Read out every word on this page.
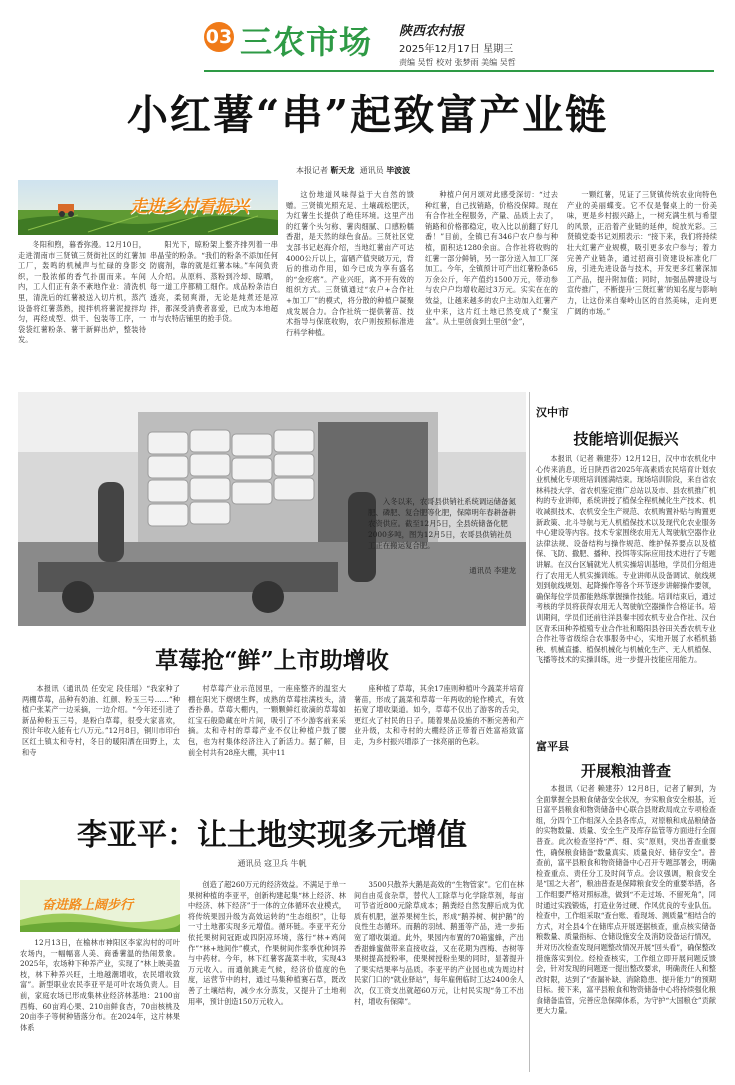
03 三农市场 陕西农村报
2025年12月17日 星期三
责编 吴哲 校对 张梦雨 美编 吴哲
小红薯“串”起致富产业链
本报记者 靳天龙 通讯员 毕波波
走进乡村看振兴

冬阳和煦，暮香弥漫。12月10日，走进渭南市三贤镇三贤街社区的红薯加工厂，轰鸣的机械声与忙碌的身影交织，一股浓郁的香气扑面而来。车间内，工人们正有条不紊地作业：清洗机里，清洗后的红薯被送入切片机，蒸汽设备将红薯蒸熟，搅拌机将薯泥搅拌均匀，再经成型、烘干、包装等工序，一袋袋红薯粉条、薯干新鲜出炉，整装待发。

阳光下，晾粉架上整齐排列着一串串晶莹的粉条。“我们的粉条不添加任何防腐剂，靠的就是红薯本味。”车间负责人介绍。从原料、蒸粉到冷却、晾晒，每一道工序都精工细作。成品粉条洁白透亮，柔韧爽滑，无论是炖煮还是凉拌，都深受消费者喜爱，已成为本地超市与农特店铺里的抢手货。

这份地道风味得益于大自然的馈赠。三贤镇光照充足、土壤疏松肥沃，为红薯生长提供了绝佳环境。这里产出的红薯个头匀称、薯肉细腻、口感粉糯香甜，是天然的绿色食品。三贤社区党支部书记赵海介绍，当地红薯亩产可达4000公斤以上，富硒产值突破万元，背后的推动作用，如今已成为享有盛名的“金疙瘩”。产业兴旺，离不开有效的组织方式。三贤镇通过“农户+合作社+加工厂”的模式，将分散的种植户凝聚成发展合力。合作社统一提供薯苗、技术指导与保底收购，农户则按照标准进行科学种植。

种植户何月颂对此感受深切：“过去种红薯，自己找销路，价格没保障。现在有合作社全程服务，产量、品质上去了，销路和价格都稳定，收入比以前翻了好几番！”目前，全镇已有346户农户参与种植，面积达1280余亩。合作社将收购的红薯一部分鲜销，另一部分送入加工厂深加工。今年，全镇预计可产出红薯粉条65万余公斤，年产值约1500万元，带动参与农户户均增收超过3万元。实实在在的效益，让越来越多的农户主动加入红薯产业中来，这片红土地已然变成了“聚宝盆”。从土里创食到土里创“金”，

一颗红薯，见证了三贤镇传统农业向特色产业的美丽蝶变。它不仅是餐桌上的一份美味，更是乡村振兴路上，一树充满生机与希望的风景，正沿着产业链的延伸，绽放光彩。三贤镇党委书记刘照表示：“接下来，我们将持续壮大红薯产业规模，吸引更多农户参与；着力完善产业链条，通过招商引资建设标准化厂房，引进先进设备与技术，开发更多红薯深加工产品，提升附加值；同时，加强品牌建设与宣传推广，不断提升‘三贤红薯’的知名度与影响力，让这份来自秦岭山区的自然美味，走向更广阔的市场。”

入冬以来，农哥县供销社系统调运储备氮肥、磷肥、复合肥等化肥，保障明年春耕备耕农资供应。截至12月5日，全县统储备化肥2000多吨，图为12月5日，农哥县供销社员工正在搬运复合肥。
通讯员 李建龙
草莓抢“鲜”上市助增收

本报讯（通讯员 任安定 段佳瑶）“我家种了两棚草莓，品种有奶油、红颜、粉玉三号……”种植户张某产一边采摘，一边介绍。“今年还引进了新品种粉玉三号，是粉白草莓，很受大家喜欢，预计年收入能有七八万元。”12月8日，铜川市印台区红土镇太和寺村，冬日的暖阳洒在田野上，太和寺

村草莓产业示范园里，一座座整齐的温室大棚在阳光下熠熠生辉，成熟的草莓挂满枝头，清香扑鼻。草莓大棚内，一颗颗鲜红欲滴的草莓如红宝石般隐藏在叶片间，吸引了不少游客前来采摘。太和寺村的草莓产业不仅让种植户鼓了腰包，也为村集体经济注入了新活力。据了解，目前全村共有28座大棚，其中11

座种植了草莓，其余17座则种植叶今蔬菜并培育薯苗，形成了蔬菜和草莓一年两收的轮作模式，有效拓宽了增收渠道。如今，草莓不仅出了游客的舌尖，更红火了村民的日子。随着果品设施的不断完善和产业升级，太和寺村的大棚经济正带着百姓富裕致富走，为乡村振兴增添了一抹亮丽的色彩。

李亚平：让土地实现多元增值
通讯员 寇卫兵 牛帆
奋进路上阔步行

12月13日，在榆林市神阳区李家沟村的可叶农场内，一幅幅喜人美、商番薯温的热闹景象。2025年，农场种下种养产业，实现了“林上映美盈枝，林下种养兴旺，土地越潮增收，农民增收致富”。新型职业农民李亚平是可叶农场负责人。目前，家庭农场已形成集林业经济林基地：2100亩西梅、60亩鸡心果、210亩鲜食杏，70亩核桃及20亩李子等树种错落分布。在2024年，这片林果体系

创造了超260万元的经济效益。不满足于单一果树种植的李亚平，创新构建起集“林上经济、林中经济、林下经济”于一体的立体循环农业模式，将传统果园升级为高效运转的“生态组织”，让每一寸土地都实现多元增值。循环链。李亚平充分依托果树间冠距或四阴凉环境，落行“林+鸡间作”“林+地间作”模式，作果树间作浆季优种饲养与中药材。今年，林下红薯客蔬菜丰收，实现43万元收入。而通航跳走气候，经济价值度的色度，运营节中的村，通过马集种植赛石草，既改善了土壤结构，减少水分蒸发，又提升了土地利用率，预计创造150万元收入。

3500只散养大鹅是高效的“生物管家”。它们在林间自由觅食杂草，替代人工除草与化学除草剂，每亩可节省近800元除草成本；鹅粪经自然发酵后成为优质有机肥，滋养果树生长，形成“鹅养树、树护鹅”的良性生态循环。而鹅的羽绒、鹅蛋等产品，进一步拓宽了增收渠道。此外，果园内布置的70箱蜜蜂，产出香甜蜂蜜做带来直接收益，又在花期为西梅、杏树等果树提高授粉率，使果树授粉坐果的同时，显著提升了果实结果率与品质。李亚平的产业园也成为周边村民家门口的“就业驿站”，每年雇佣临时工达2400余人次，仅工资支出就超60万元，让村民实现“务工不出村，增收有保障”。

汉中市
技能培训促振兴

本报讯（记者 赖建芬）12月12日，汉中市农机化中心传来消息，近日陕西省2025年高素质农民培育计划农业机械化专项班培训圆满结束。现场培训阶段，来自省农林科技大学、省农机鉴定推广总站以及市、县农机推广机构的专业讲师，系统讲授了植保全程机械化生产技术、机收减损技术、农机安全生产规范、农机购置补贴与购置更新政策、北斗导航与无人机植保技术以及现代化农业服务中心建设等内容。技术专家围绕农用无人驾驶航空器作业法律法规、设备结构与操作规范、维护保养要点以及植保、飞防、撒肥、播种、投饵等实际应用技术进行了专题讲解。在汉台区辅就光人机实操培训基地，学员们分组进行了农用无人机实操训练。专业讲师从设备调试、航线规划到航线规划、起降操作等各个环节逐步讲解操作要领，确保每位学员都能熟练掌握操作技能。培训结束后，通过考核的学员将获得农用无人驾驶航空器操作合格证书。培训期间，学员们还前往洋县秦丰园农机专业合作社、汉台区青禾田种养植殖专业合作社和略阳县谷田关香农机专业合作社等省级综合农事服务中心，实地开展了水稻机插秧、机械直播、植保机械化与机械化生产、无人机植保、飞播等技术的实操训练，进一步提升技能应用能力。

富平县
开展粮油普查

本报讯（记者 赖建芬）12月8日，记者了解到，为全面掌握全县粮食储备安全状况，夯实粮食安全根基，近日富平县粮食和物资储备中心联合县财政局成立专项检查组，分四个工作组深入全县各库点，对原粮和成品粮储备的实物数量、质量、安全生产及库存监管等方面进行全面普查。此次检查坚持“严、细、实”原则，突出普查重要性，确保粮食储备“数量真实、质量良好、储存安全”。普查前，富平县粮食和物资储备中心召开专题部署会，明确检查重点、责任分工及时间节点。会议强调，粮食安全是“国之大者”，粮油普查是保障粮食安全的重要举措，各工作组要严格对照标准，做到“不走过场、不留死角”，同时通过实践锻炼，打造业务过硬、作风优良的专业队伍。检查中，工作组采取“查台账、看现场、测质量”相结合的方式，对全县4个在储库点开展逐据核查，重点核实储备粮数量、质量指标、仓储设施安全及消防设备运行情况，并对历次检查发现问题整改情况开展“回头看”，确保整改措施落实到位。经检查核实，工作组立即开展问题反馈会，针对发现的问题逐一提出整改要求，明确责任人和整改时限，达到了“查漏补缺、消除隐患、提升能力”的预期目标。接下来，富平县粮食和物资储备中心将持续强化粮食储备监管，完善应急保障体系，为守护“大国粮仓”贡献更大力量。
